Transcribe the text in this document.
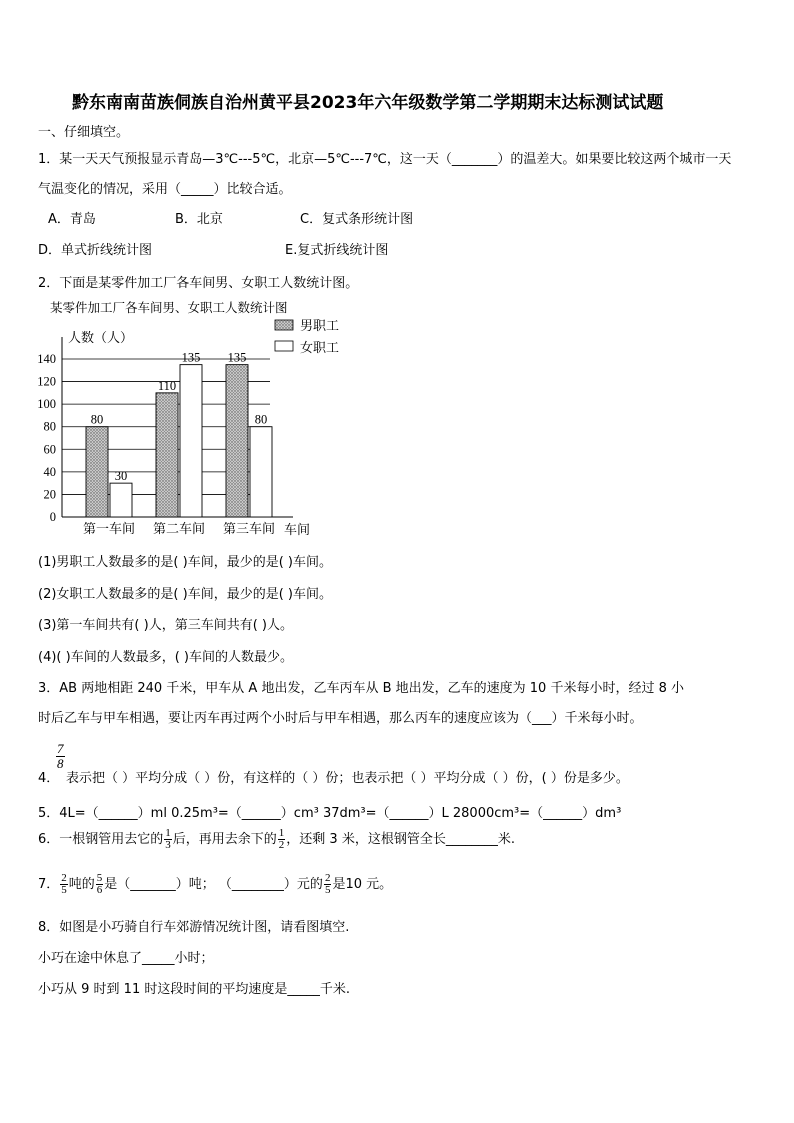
黔东南南苗族侗族自治州黄平县2023年六年级数学第二学期期末达标测试试题
一、仔细填空。
1．某一天天气预报显示青岛—3℃---5℃，北京—5℃---7℃，这一天（_______）的温差大。如果要比较这两个城市一天
气温变化的情况，采用（_____）比较合适。
A．青岛	B．北京	C．复式条形统计图
D．单式折线统计图	E.复式折线统计图
2．下面是某零件加工厂各车间男、女职工人数统计图。
某零件加工厂各车间男、女职工人数统计图
人数（人）
0
20
40
60
80
100
120
140
80
30
110
135 135
80
第一车间 第二车间 第三车间 车间
男职工
女职工
(1)男职工人数最多的是( )车间，最少的是( )车间。
(2)女职工人数最多的是( )车间，最少的是( )车间。
(3)第一车间共有( )人，第三车间共有( )人。
(4)( )车间的人数最多，( )车间的人数最少。
3．AB 两地相距 240 千米，甲车从 A 地出发，乙车丙车从 B 地出发，乙车的速度为 10 千米每小时，经过 8 小
时后乙车与甲车相遇，要让丙车再过两个小时后与甲车相遇，那么丙车的速度应该为（___）千米每小时。
$\frac{7}{8}$
4． 表示把（ ）平均分成（ ）份，有这样的（ ）份；也表示把（ ）平均分成（ ）份，( ）份是多少。
5．4L=（______）ml 0.25m³=（______）cm³ 37dm³=（______）L 28000cm³=（______）dm³
6．一根钢管用去它的 $\frac{1}{3}$ 后，再用去余下的 $\frac{1}{2}$ ，还剩 3 米，这根钢管全长________米.
7． $\frac{2}{5}$ 吨的 $\frac{5}{6}$ 是（_______）吨； （________）元的 $\frac{2}{5}$ 是10 元。
8．如图是小巧骑自行车郊游情况统计图，请看图填空.
小巧在途中休息了_____小时；
小巧从 9 时到 11 时这段时间的平均速度是_____千米.
